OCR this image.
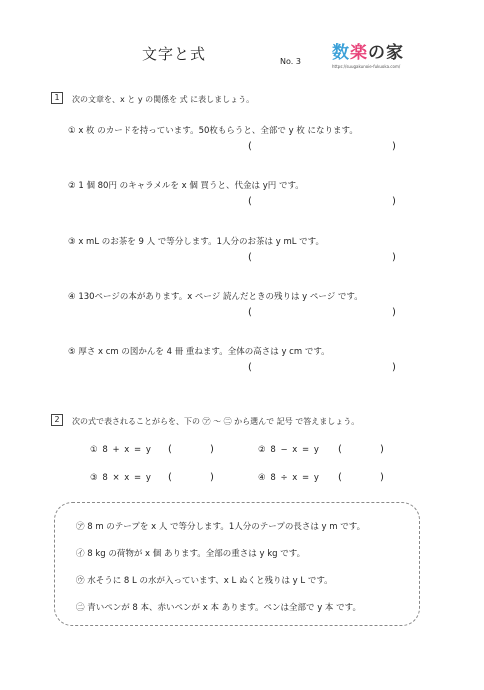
文字と式	No. 3 数楽の家
https://suugakunoie-fukuoka.com/
1	次の文章を、x と y の関係を 式 に表しましょう。
① x 枚 のカードを持っています。50枚もらうと、全部で y 枚 になります。
(	)
② 1 個 80円 のキャラメルを x 個 買うと、代金は y円 です。
(	)
③ x mL のお茶を 9 人 で等分します。1人分のお茶は y mL です。
(	)
④ 130ページの本があります。x ページ 読んだときの残りは y ページ です。
(	)
⑤ 厚さ x cm の図かんを 4 冊 重ねます。全体の高さは y cm です。
(	)
2	次の式で表されることがらを、下の ㋐ 〜 ㊁ から選んで 記号 で答えましょう。
① 8 + x = y (	)	② 8 − x = y (	)
③ 8 × x = y (	)	④ 8 ÷ x = y (	)
㋐ 8 m のテープを x 人 で等分します。1人分のテープの長さは y m です。
㋑ 8 kg の荷物が x 個 あります。全部の重さは y kg です。
㋒ 水そうに 8 L の水が入っています、x L ぬくと残りは y L です。
㊁ 青いペンが 8 本、赤いペンが x 本 あります。ペンは全部で y 本 です。
